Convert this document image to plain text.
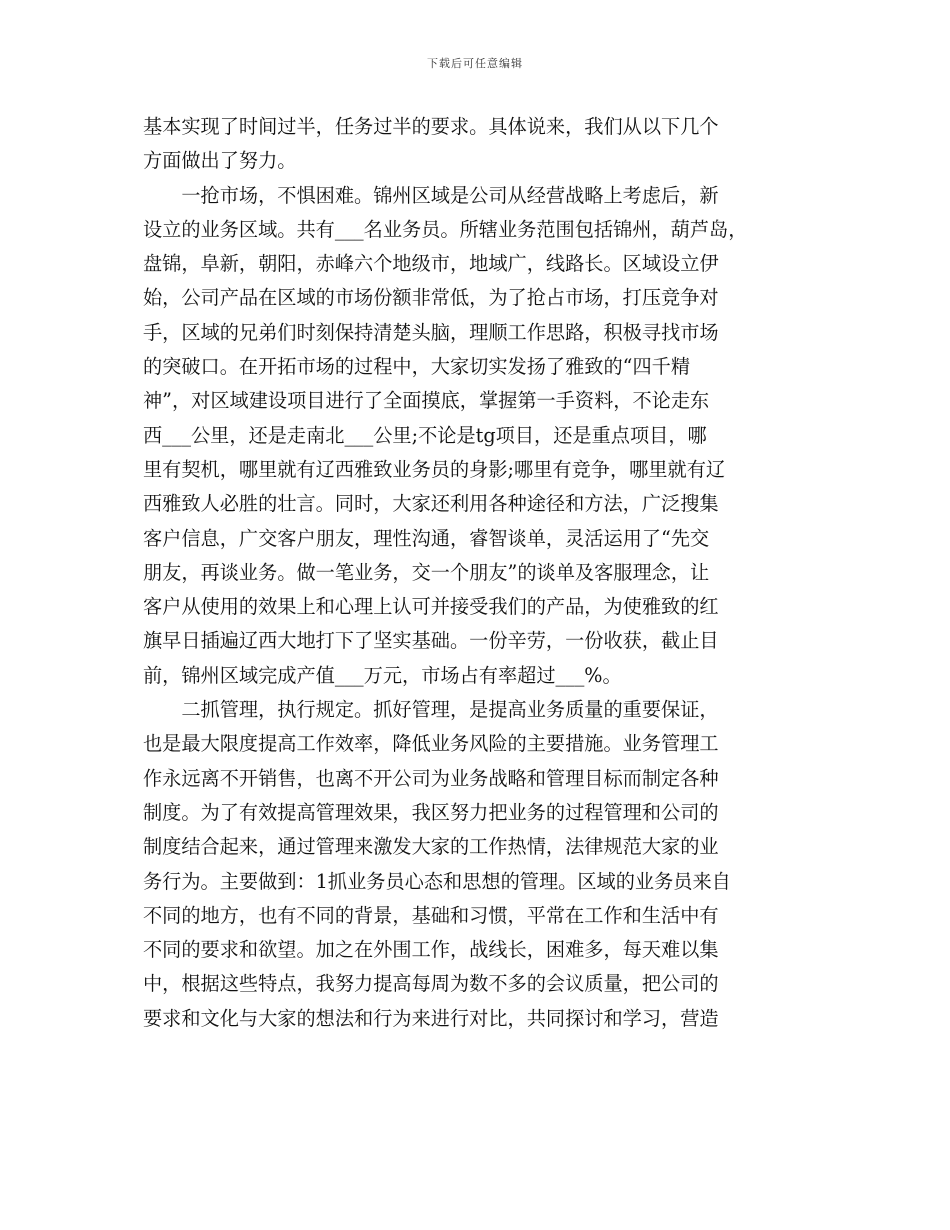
下载后可任意编辑
基本实现了时间过半，任务过半的要求。具体说来，我们从以下几个
方面做出了努力。
　　一抢市场，不惧困难。锦州区域是公司从经营战略上考虑后，新
设立的业务区域。共有___名业务员。所辖业务范围包括锦州，葫芦岛，
盘锦，阜新，朝阳，赤峰六个地级市，地域广，线路长。区域设立伊
始，公司产品在区域的市场份额非常低，为了抢占市场，打压竞争对
手，区域的兄弟们时刻保持清楚头脑，理顺工作思路，积极寻找市场
的突破口。在开拓市场的过程中，大家切实发扬了雅致的“四千精
神”，对区域建设项目进行了全面摸底，掌握第一手资料，不论走东
西___公里，还是走南北___公里;不论是tg项目，还是重点项目，哪
里有契机，哪里就有辽西雅致业务员的身影;哪里有竞争，哪里就有辽
西雅致人必胜的壮言。同时，大家还利用各种途径和方法，广泛搜集
客户信息，广交客户朋友，理性沟通，睿智谈单，灵活运用了“先交
朋友，再谈业务。做一笔业务，交一个朋友”的谈单及客服理念，让
客户从使用的效果上和心理上认可并接受我们的产品，为使雅致的红
旗早日插遍辽西大地打下了坚实基础。一份辛劳，一份收获，截止目
前，锦州区域完成产值___万元，市场占有率超过___%。
　　二抓管理，执行规定。抓好管理，是提高业务质量的重要保证，
也是最大限度提高工作效率，降低业务风险的主要措施。业务管理工
作永远离不开销售，也离不开公司为业务战略和管理目标而制定各种
制度。为了有效提高管理效果，我区努力把业务的过程管理和公司的
制度结合起来，通过管理来激发大家的工作热情，法律规范大家的业
务行为。主要做到：1抓业务员心态和思想的管理。区域的业务员来自
不同的地方，也有不同的背景，基础和习惯，平常在工作和生活中有
不同的要求和欲望。加之在外围工作，战线长，困难多，每天难以集
中，根据这些特点，我努力提高每周为数不多的会议质量，把公司的
要求和文化与大家的想法和行为来进行对比，共同探讨和学习，营造
